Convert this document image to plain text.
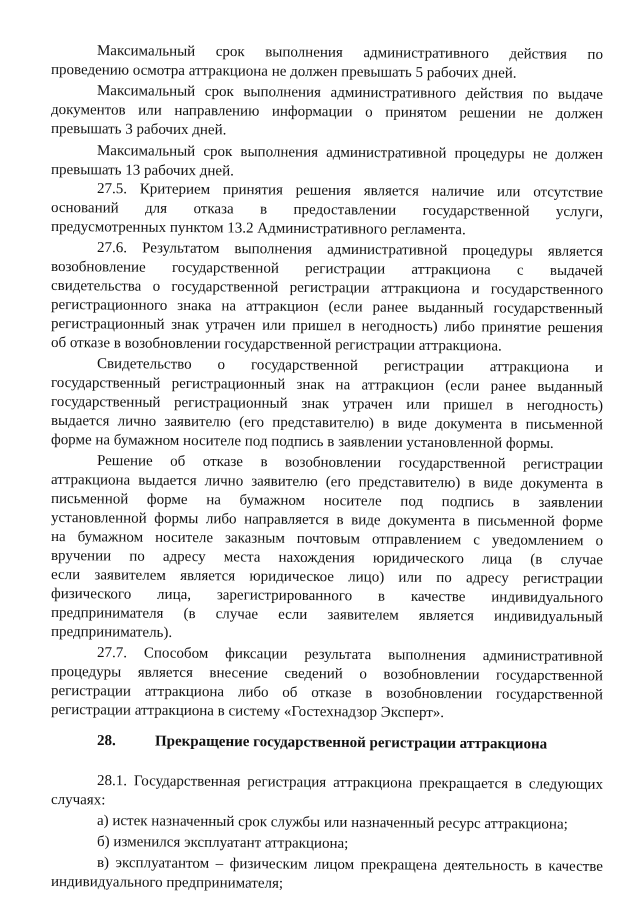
Максимальный срок выполнения административного действия по
проведению осмотра аттракциона не должен превышать 5 рабочих дней.
Максимальный срок выполнения административного действия по выдаче
документов или направлению информации о принятом решении не должен
превышать 3 рабочих дней.
Максимальный срок выполнения административной процедуры не должен
превышать 13 рабочих дней.
27.5. Критерием принятия решения является наличие или отсутствие
оснований для отказа в предоставлении государственной услуги,
предусмотренных пунктом 13.2 Административного регламента.
27.6. Результатом выполнения административной процедуры является
возобновление государственной регистрации аттракциона с выдачей
свидетельства о государственной регистрации аттракциона и государственного
регистрационного знака на аттракцион (если ранее выданный государственный
регистрационный знак утрачен или пришел в негодность) либо принятие решения
об отказе в возобновлении государственной регистрации аттракциона.
Свидетельство о государственной регистрации аттракциона и
государственный регистрационный знак на аттракцион (если ранее выданный
государственный регистрационный знак утрачен или пришел в негодность)
выдается лично заявителю (его представителю) в виде документа в письменной
форме на бумажном носителе под подпись в заявлении установленной формы.
Решение об отказе в возобновлении государственной регистрации
аттракциона выдается лично заявителю (его представителю) в виде документа в
письменной форме на бумажном носителе под подпись в заявлении
установленной формы либо направляется в виде документа в письменной форме
на бумажном носителе заказным почтовым отправлением с уведомлением о
вручении по адресу места нахождения юридического лица (в случае
если заявителем является юридическое лицо) или по адресу регистрации
физического лица, зарегистрированного в качестве индивидуального
предпринимателя (в случае если заявителем является индивидуальный
предприниматель).
27.7. Способом фиксации результата выполнения административной
процедуры является внесение сведений о возобновлении государственной
регистрации аттракциона либо об отказе в возобновлении государственной
регистрации аттракциона в систему «Гостехнадзор Эксперт».
28.	Прекращение государственной регистрации аттракциона
28.1. Государственная регистрация аттракциона прекращается в следующих
случаях:
а) истек назначенный срок службы или назначенный ресурс аттракциона;
б) изменился эксплуатант аттракциона;
в) эксплуатантом – физическим лицом прекращена деятельность в качестве
индивидуального предпринимателя;
